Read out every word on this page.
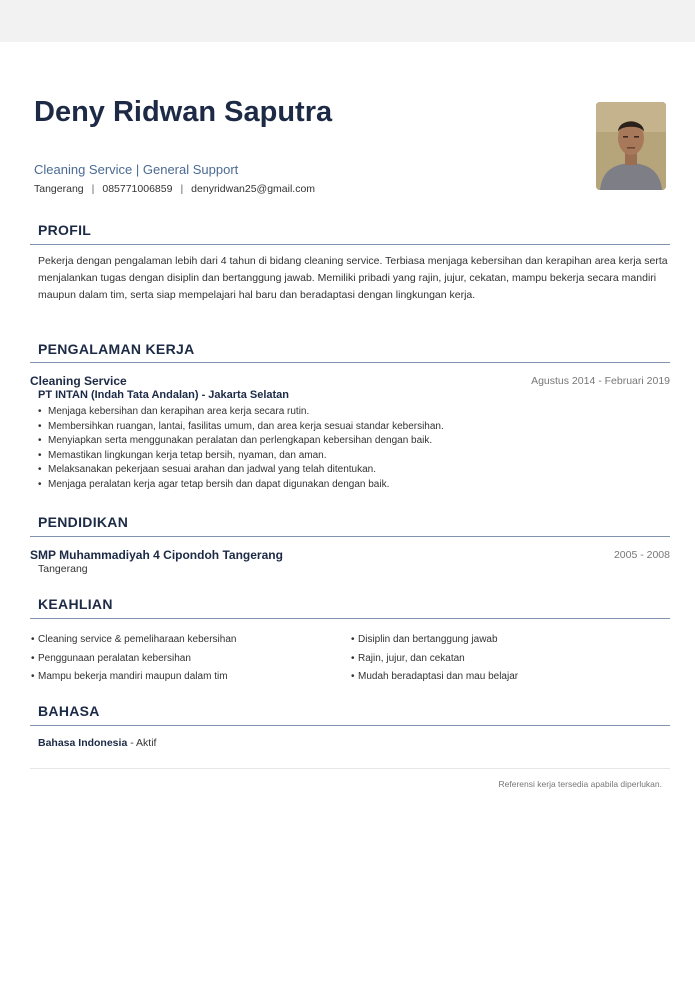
Deny Ridwan Saputra
Cleaning Service | General Support
Tangerang | 085771006859 | denyridwan25@gmail.com
PROFIL

Pekerja dengan pengalaman lebih dari 4 tahun di bidang cleaning service. Terbiasa menjaga kebersihan dan kerapihan area kerja serta menjalankan tugas dengan disiplin dan bertanggung jawab. Memiliki pribadi yang rajin, jujur, cekatan, mampu bekerja secara mandiri maupun dalam tim, serta siap mempelajari hal baru dan beradaptasi dengan lingkungan kerja.

PENGALAMAN KERJA
Cleaning Service	Agustus 2014 - Februari 2019
PT INTAN (Indah Tata Andalan) - Jakarta Selatan
• Menjaga kebersihan dan kerapihan area kerja secara rutin.
• Membersihkan ruangan, lantai, fasilitas umum, dan area kerja sesuai standar kebersihan.
• Menyiapkan serta menggunakan peralatan dan perlengkapan kebersihan dengan baik.
• Memastikan lingkungan kerja tetap bersih, nyaman, dan aman.
• Melaksanakan pekerjaan sesuai arahan dan jadwal yang telah ditentukan.
• Menjaga peralatan kerja agar tetap bersih dan dapat digunakan dengan baik.
PENDIDIKAN
SMP Muhammadiyah 4 Cipondoh Tangerang	2005 - 2008
Tangerang
KEAHLIAN
• Cleaning service & pemeliharaan kebersihan
• Penggunaan peralatan kebersihan
• Mampu bekerja mandiri maupun dalam tim
• Disiplin dan bertanggung jawab
• Rajin, jujur, dan cekatan
• Mudah beradaptasi dan mau belajar
BAHASA
Bahasa Indonesia - Aktif
Referensi kerja tersedia apabila diperlukan.
